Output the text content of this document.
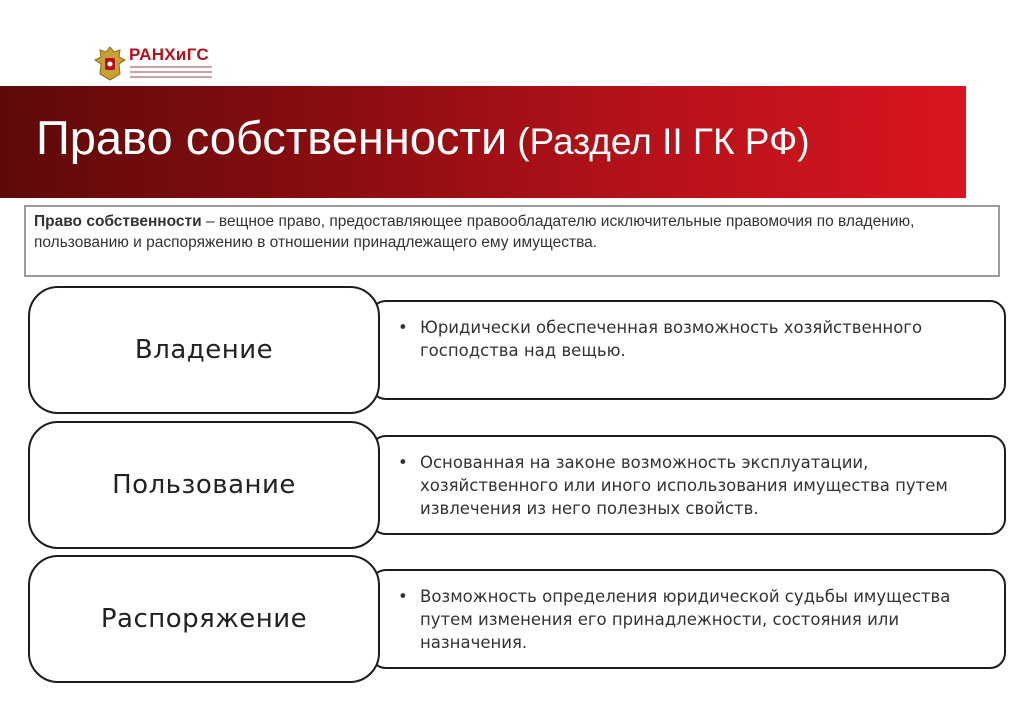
РАНХиГС
Право собственности (Раздел II ГК РФ)
Право собственности – вещное право, предоставляющее правообладателю исключительные правомочия по владению, пользованию и распоряжению в отношении принадлежащего ему имущества.
Владение
• Юридически обеспеченная возможность хозяйственного господства над вещью.
Пользование
• Основанная на законе возможность эксплуатации, хозяйственного или иного использования имущества путем извлечения из него полезных свойств.
Распоряжение
• Возможность определения юридической судьбы имущества путем изменения его принадлежности, состояния или назначения.
